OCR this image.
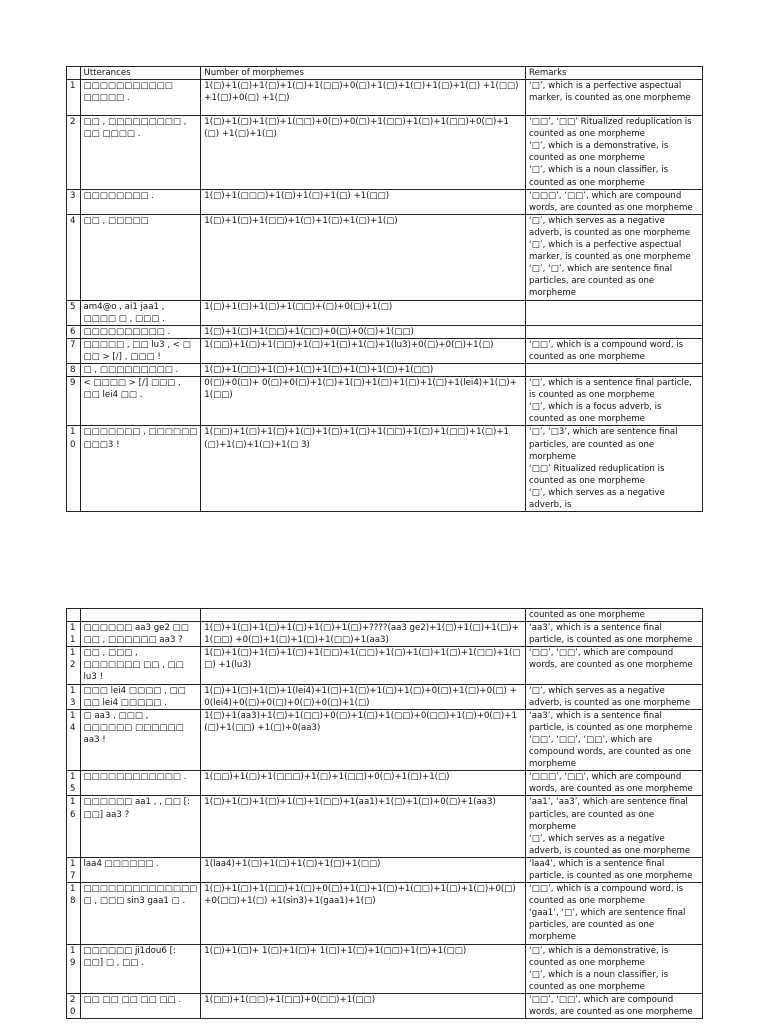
	Utterances	Number of morphemes	Remarks
1	□□□□□□□□□□□ □□□□□ .	1(□)+1(□)+1(□)+1(□)+1(□□)+0(□)+1(□)+1(□)+1(□)+1(□) +1(□□)+1(□)+0(□) +1(□)	‘□’, which is a perfective aspectual marker, is counted as one morpheme
2	□□ , □□□□□□□□□ , □□ □□□□ .	1(□)+1(□)+1(□)+1(□□)+0(□)+0(□)+1(□□)+1(□)+1(□□)+0(□)+1(□) +1(□)+1(□)	‘□□’, ‘□□’ Ritualized reduplication is counted as one morpheme
‘□’, which is a demonstrative, is counted as one morpheme
‘□’, which is a noun classifier, is counted as one morpheme
3	□□□□□□□□ .	1(□)+1(□□□)+1(□)+1(□)+1(□) +1(□□)	‘□□□’, ‘□□’, which are compound words, are counted as one morpheme
4	□□ , □□□□□	1(□)+1(□)+1(□□)+1(□)+1(□)+1(□)+1(□)	‘□’, which serves as a negative adverb, is counted as one morpheme
‘□’, which is a perfective aspectual marker, is counted as one morpheme
‘□’, ‘□’, which are sentence final particles, are counted as one morpheme
5	am4@o , ai1 jaa1 , □□□□ □ , □□□ .	1(□)+1(□)+1(□)+1(□□)+(□)+0(□)+1(□)	
6	□□□□□□□□□□ .	1(□)+1(□)+1(□□)+1(□□)+0(□)+0(□)+1(□□)	
7	□□□□□ , □□ lu3 , < □ □□ > [/] , □□□ !	1(□□)+1(□)+1(□□)+1(□)+1(□)+1(□)+1(lu3)+0(□)+0(□)+1(□)	‘□□’, which is a compound word, is counted as one morpheme
8	□ , □□□□□□□□□ .	1(□)+1(□□)+1(□)+1(□)+1(□)+1(□)+1(□)+1(□□)	
9	< □□□□ > [/] □□□ , □□ lei4 □□ .	0(□)+0(□)+ 0(□)+0(□)+1(□)+1(□)+1(□)+1(□)+1(□)+1(lei4)+1(□)+1(□□)	‘□’, which is a sentence final particle, is counted as one morpheme
‘□’, which is a focus adverb, is counted as one morpheme
10	□□□□□□□ , □□□□□□ □□□3 !	1(□□)+1(□)+1(□)+1(□)+1(□)+1(□)+1(□□)+1(□)+1(□□)+1(□)+1(□)+1(□)+1(□)+1(□ 3)	‘□’, ‘□3’, which are sentence final particles, are counted as one morpheme
‘□□’ Ritualized reduplication is counted as one morpheme
‘□’, which serves as a negative adverb, is
			counted as one morpheme
11	□□□□□□ aa3 ge2 □□ □□ , □□□□□□ aa3 ?	1(□)+1(□)+1(□)+1(□)+1(□)+1(□)+????(aa3 ge2)+1(□)+1(□)+1(□)+1(□□) +0(□)+1(□)+1(□)+1(□□)+1(aa3)	‘aa3’, which is a sentence final particle, is counted as one morpheme
12	□□ , □□□ , □□□□□□□ □□ , □□ lu3 !	1(□)+1(□)+1(□)+1(□)+1(□□)+1(□□)+1(□)+1(□)+1(□)+1(□□)+1(□□) +1(lu3)	‘□□’, ‘□□’, which are compound words, are counted as one morpheme
13	□□□ lei4 □□□□ , □□ □□ lei4 □□□□□ .	1(□)+1(□)+1(□)+1(lei4)+1(□)+1(□)+1(□)+1(□)+0(□)+1(□)+0(□) +0(lei4)+0(□)+0(□)+0(□)+0(□)+1(□)	‘□’, which serves as a negative adverb, is counted as one morpheme
14	□ aa3 , □□□ , □□□□□□ □□□□□□ aa3 !	1(□)+1(aa3)+1(□)+1(□□)+0(□)+1(□)+1(□□)+0(□□)+1(□)+0(□)+1(□)+1(□□) +1(□)+0(aa3)	‘aa3’, which is a sentence final particle, is counted as one morpheme
‘□□’, ‘□□’, ‘□□’, which are compound words, are counted as one morpheme
15	□□□□□□□□□□□□ .	1(□□)+1(□)+1(□□□)+1(□)+1(□□)+0(□)+1(□)+1(□)	‘□□□’, ‘□□’, which are compound words, are counted as one morpheme
16	□□□□□□ aa1 , , □□ [: □□] aa3 ?	1(□)+1(□)+1(□)+1(□)+1(□□)+1(aa1)+1(□)+1(□)+0(□)+1(aa3)	‘aa1’, ‘aa3’, which are sentence final particles, are counted as one morpheme
‘□’, which serves as a negative adverb, is counted as one morpheme
17	laa4 □□□□□□ .	1(laa4)+1(□)+1(□)+1(□)+1(□)+1(□□)	‘laa4’, which is a sentence final particle, is counted as one morpheme
18	□□□□□□□□□□□□□□□ , □□□ sin3 gaa1 □ .	1(□)+1(□)+1(□□)+1(□)+0(□)+1(□)+1(□)+1(□□)+1(□)+1(□)+0(□)+0(□□)+1(□) +1(sin3)+1(gaa1)+1(□)	‘□□’, which is a compound word, is counted as one morpheme
‘gaa1’, ‘□’, which are sentence final particles, are counted as one morpheme
19	□□□□□□ ji1dou6 [: □□] □ , □□ .	1(□)+1(□)+ 1(□)+1(□)+ 1(□)+1(□)+1(□□)+1(□)+1(□□)	‘□’, which is a demonstrative, is counted as one morpheme
‘□’, which is a noun classifier, is counted as one morpheme
20	□□ □□ □□ □□ □□ .	1(□□)+1(□□)+1(□□)+0(□□)+1(□□)	‘□□’, ‘□□’, which are compound words, are counted as one morpheme
